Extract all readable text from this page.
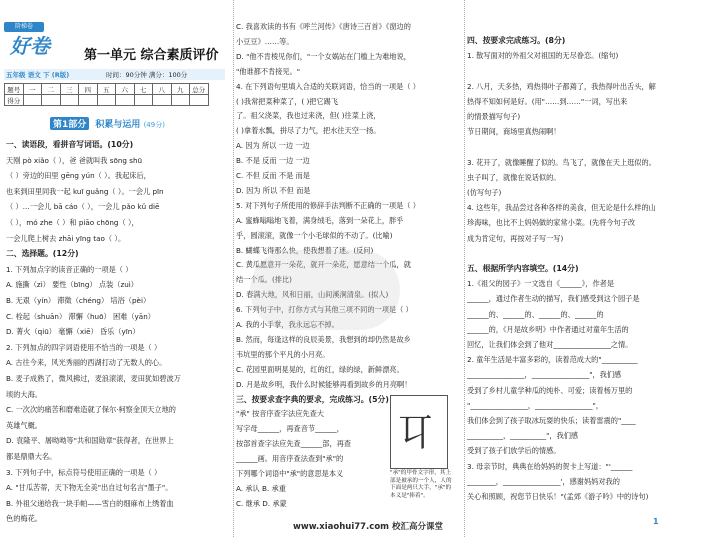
阶梯卷
好卷	第一单元 综合素质评价
五年级 语文 下 (R版)	时间：90分钟 满分：100分
题号	一	二	三	四	五	六	七	八	九	总分
得分										
第1部分 积累与运用 (49分)
一、读语段，看拼音写词语。(10分)
天刚 pò xiǎo（ ），爸 爸就叫我 sōng shū
（ ）旁边的田里 gēng yún（ ）。我起床后，
也来到田里同我一起 kuī guǎng（ ）。一会儿 pīn
（ ）…一会儿 bā cáo（ ），一会儿 pǎo kǔ diē
（ ），mó zhe（ ）和 piāo chōng（ ），
一会儿爬上树去 zhāi yīng tao（ ）。
二、选择题。(12分)
1. 下列加点字的读音正确的一项是（ ）
A. 施撕（zì） 要性（bīng） 点装（zuì）
B. 无艰（yín） 滞徵（chéng） 培浴（pèi）
C. 栓起（shuān） 滞懈（huō） 困难（yān）
D. 菁火（qiū） 毫懈（xiē） 昏乐（yīn）
2. 下列加点的四字词语使用不恰当的一项是（ ）
A. 古往今来，风光秀丽的西湖打动了无数人的心。
B. 麦子成熟了，微风拂过，麦浪滚滚，麦田犹如碧波万
顷的大海。
C. 一次次的痛苦和磨难造就了保尔·柯察金顶天立地的
英雄气概。
D. 袁隆平、屠呦呦等"共和国勋章"获得者，在世界上
都是鼎鼎大名。
3. 下列句子中，标点符号使用正确的一项是（ ）
A. "甘瓜苦蒂，天下物无全美"出自过句名言"墨子"。
B. 外祖父递给我一块手帕——雪白的细麻布上绣着血
色的梅花。
C. 我喜欢读的书有《呼兰河传》《唐诗三百首》《窗边的
小豆豆》……等。
D. "他不肯棱见你们，"一个女娲站在门槛上为难地说，
"他谁都不肯接见。"
4. 在下列语句里填入合适的关联词语，恰当的一项是（ ）
( )我常把菜种菜了，( )把它踢飞
了。祖父浇菜，我也过来浇，但( )往菜上浇，
( )拿着水瓢，拼尽了力气，把水往天空一扬。
A. 因为 所以 一边 一边
B. 不是 反而 一边 一边
C. 不但 反而 不是 而是
D. 因为 所以 不但 而是
5. 对下列句子所使用的修辞手法判断不正确的一项是（ ）
A. 蜜蜂嗡嗡地飞着，满身绒毛，落到一朵花上，胖乎
乎，圆滚滚，就像一个小毛球似的不动了。(比喻)
B. 蝴蝶飞得那么快，使我想着了迷。(反问)
C. 黄瓜愿意开一朵花，就开一朵花，愿意结一个瓜，就
结一个瓜。(排比)
D. 春满大地，风和日丽，山间溪涧清泉。(拟人)
6. 下列句子中，打你方式与其他三项不同的一项是（ ）
A. 我的小手掌，我永远忘不掉。
B. 然而，每逢这样的良辰美景，我想到的却仍然是故乡
韦坑里的那个平凡的小月亮。
C. 花园里面明晃晃的，红的红，绿的绿，新鲜漂亮。
D. 月是故乡明，我什么时候能够再看到故乡的月亮啊！
三、按要求查字典的要求，完成练习。(5分)
"承" 按音序查字法应先查大
写字母______，再查音节______，
按部首查字法应先查______部，再查
______画。用音序查法查到"承"的
下列哪个词语中"承"的意思是本义
A. 承认 B. 承重
C. 继承 D. 承蒙
四、按要求完成练习。(8分)
1. 散写面对的外祖父对祖国的无尽眷恋。(缩句)
2. 八月，天多热，鸡热得叶子都蔫了，我热得叶出舌头，解
热得不知如何是好。(用"……到……"一词，写出来
的情景描写句子)
节日期间，商场里真热闹啊！
3. 花开了，就像睡醒了似的。鸟飞了，就像在天上逛似的。
虫子叫了，就像在说话似的。
(仿写句子)
4. 这些年，我品尝过各种各样的美食，但无论是什么样的山
珍海味，也比不上妈妈做的家常小菜。(先将今句子改
成为肯定句，再按对子写一写)
五、根据所学内容填空。(14分)
1.《祖父的园子》一文选自《______》，作者是
______，通过作者生动的描写，我们感受到这个园子是
______的、______的、______的、______的
______的，《月是故乡明》中作者通过对童年生活的
回忆，让我们体会到了他对________________之情。
2. 童年生活是丰富多彩的，读着范成大的"__________
________________，________________"，我们感
受到了乡村儿童学种瓜的纯朴、可爱；读着杨万里的
"________________，________________"，
我们体会到了孩子取冰玩耍的快乐；读着雷震的"____
__________，__________"，我们感
受到了孩子们放学后的情感。
3. 母亲节时，典典在给妈妈的贺卡上写道："'______
________，________________'，感谢妈妈对我的
关心和照顾，祝您节日快乐！"(孟郊《游子吟》中的诗句)
㔿
"承"的甲骨文字形，其上部是被承的一个人，人的下面是两只大手，"承"的本义是"捧着"。
www.xiaohui77.com 校汇高分课堂
1
